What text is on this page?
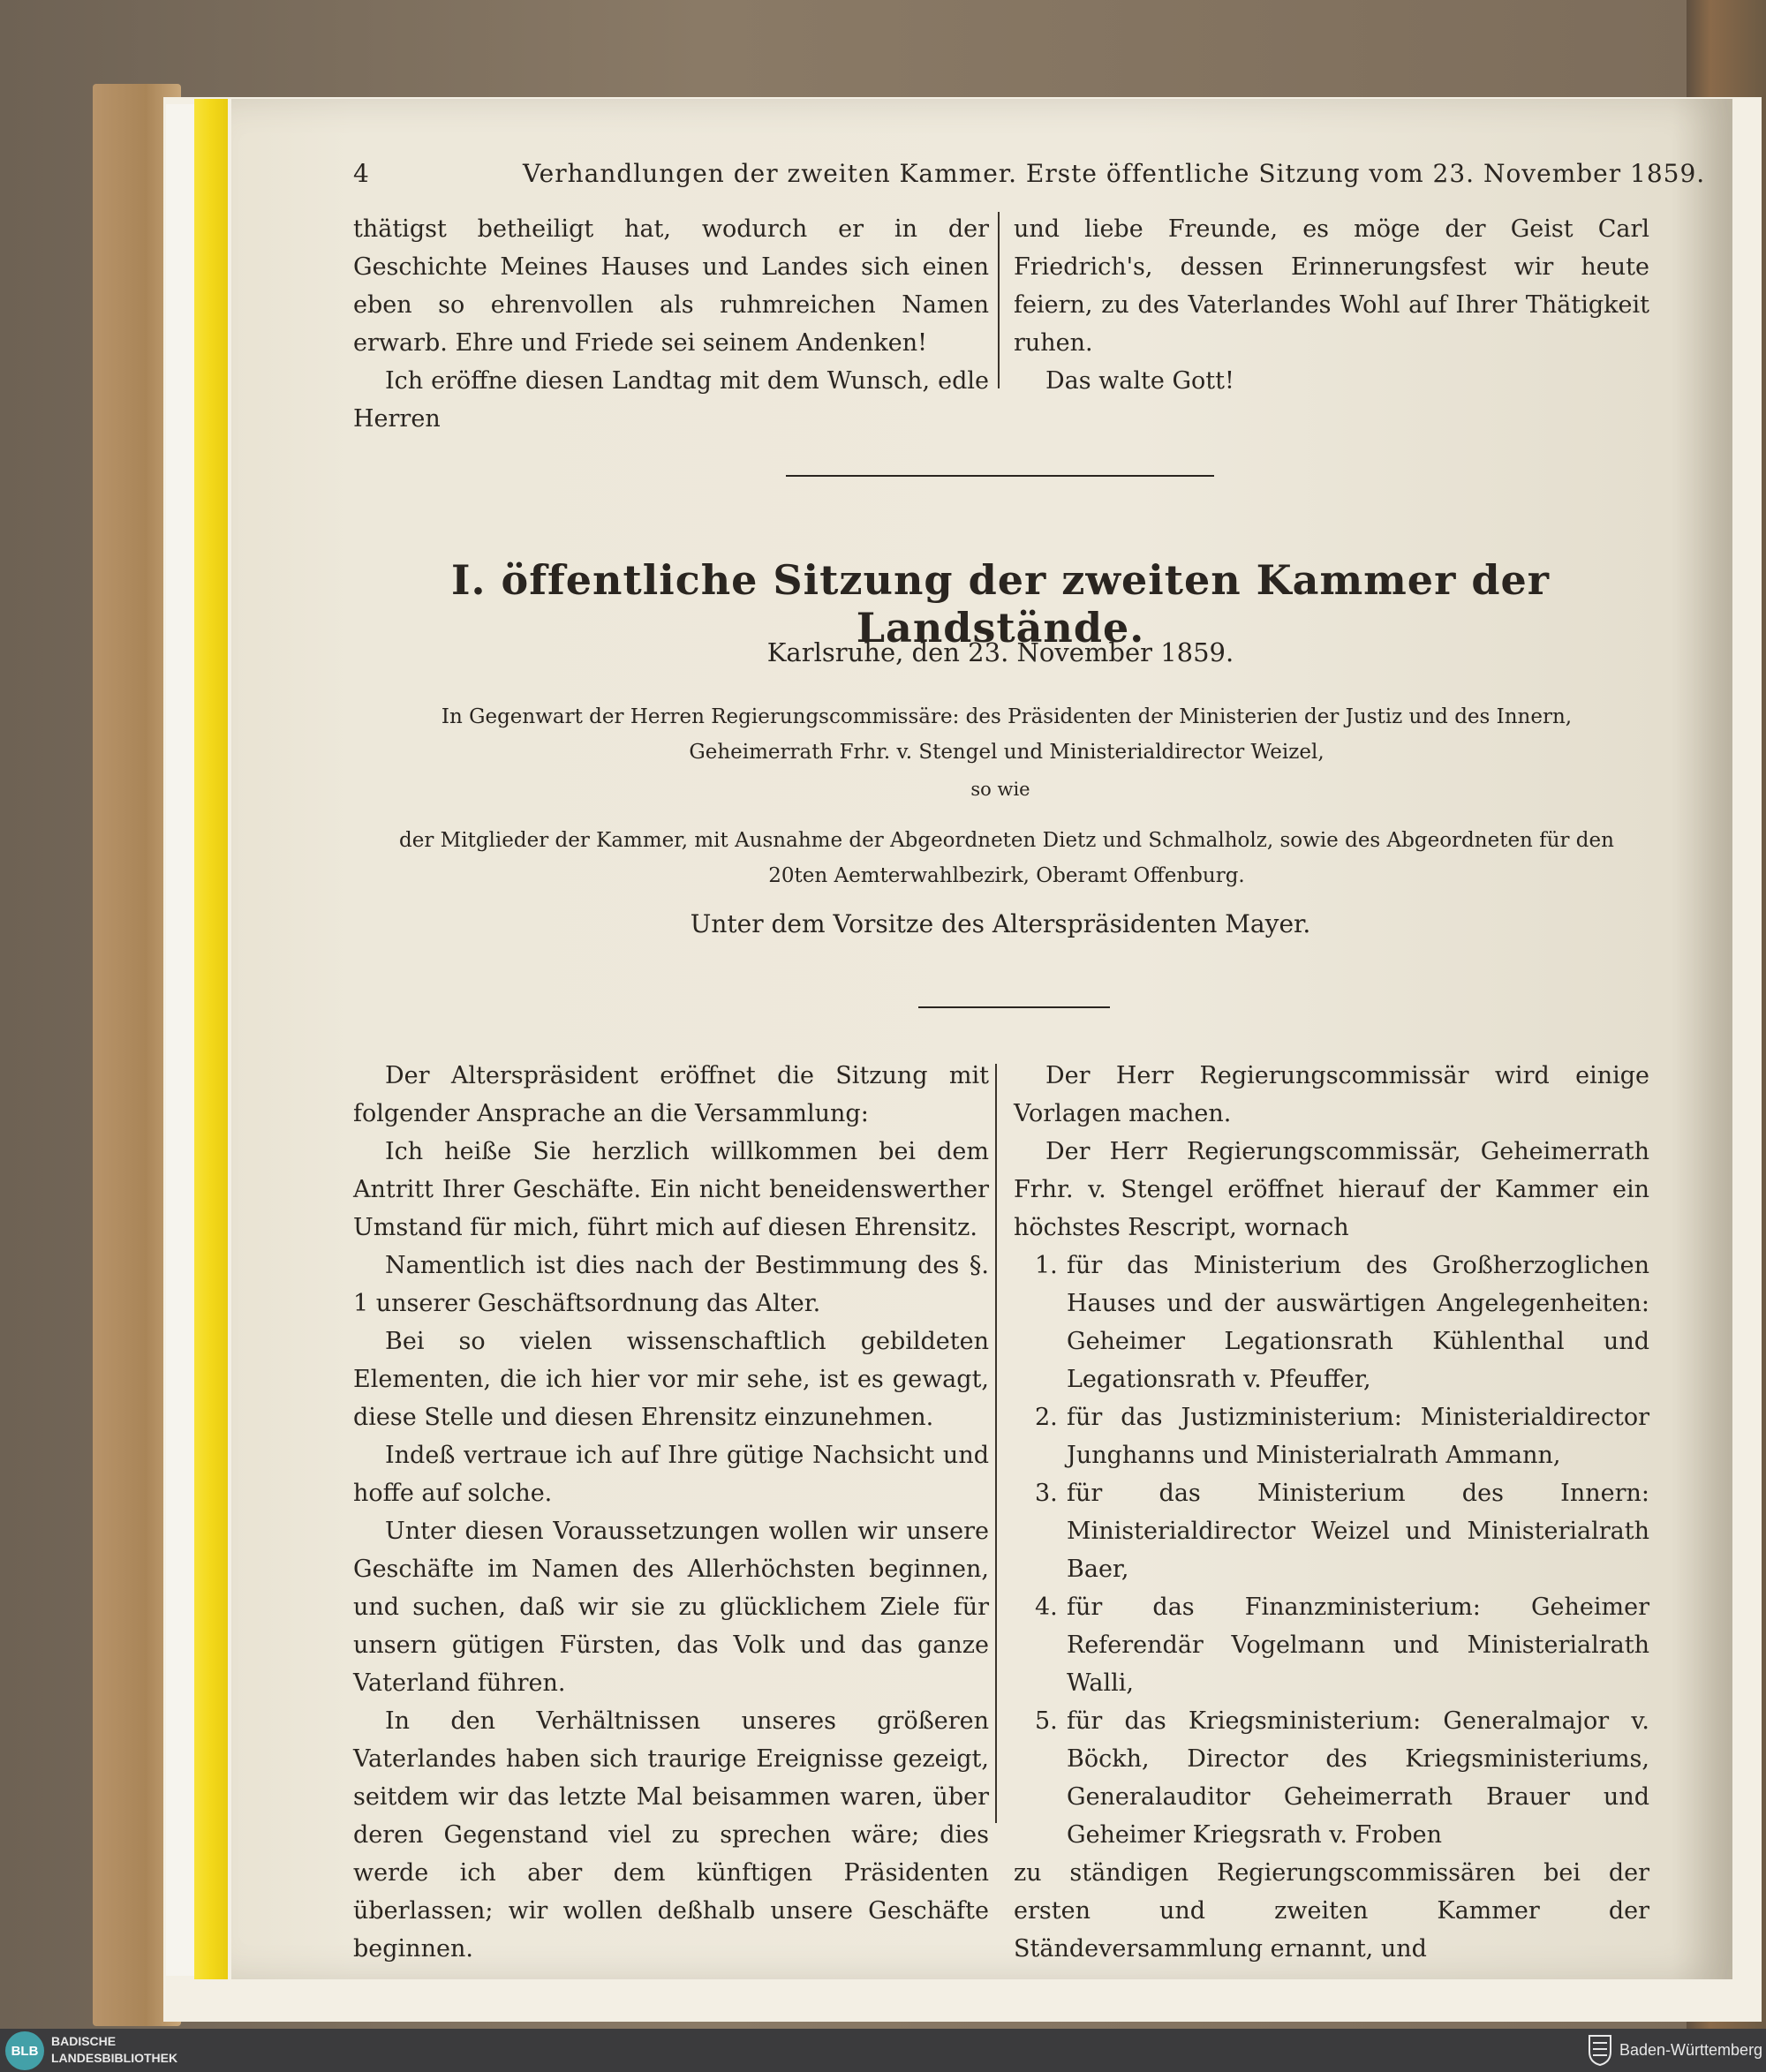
4	Verhandlungen der zweiten Kammer. Erste öffentliche Sitzung vom 23. November 1859.

thätigst betheiligt hat, wodurch er in der Geschichte Meines Hauses und Landes sich einen eben so ehrenvollen als ruhmreichen Namen erwarb. Ehre und Friede sei seinem Andenken!

Ich eröffne diesen Landtag mit dem Wunsch, edle Herren

und liebe Freunde, es möge der Geist Carl Friedrich's, dessen Erinnerungsfest wir heute feiern, zu des Vaterlandes Wohl auf Ihrer Thätigkeit ruhen.

Das walte Gott!

I. öffentliche Sitzung der zweiten Kammer der Landstände.
Karlsruhe, den 23. November 1859.
In Gegenwart der Herren Regierungscommissäre: des Präsidenten der Ministerien der Justiz und des Innern, Geheimerrath Frhr. v. Stengel und Ministerialdirector Weizel,
so wie
der Mitglieder der Kammer, mit Ausnahme der Abgeordneten Dietz und Schmalholz, sowie des Abgeordneten für den 20ten Aemterwahlbezirk, Oberamt Offenburg.
Unter dem Vorsitze des Alterspräsidenten Mayer.

Der Alterspräsident eröffnet die Sitzung mit folgender Ansprache an die Versammlung:

Ich heiße Sie herzlich willkommen bei dem Antritt Ihrer Geschäfte. Ein nicht beneidenswerther Umstand für mich, führt mich auf diesen Ehrensitz.

Namentlich ist dies nach der Bestimmung des §. 1 unserer Geschäftsordnung das Alter.

Bei so vielen wissenschaftlich gebildeten Elementen, die ich hier vor mir sehe, ist es gewagt, diese Stelle und diesen Ehrensitz einzunehmen.

Indeß vertraue ich auf Ihre gütige Nachsicht und hoffe auf solche.

Unter diesen Voraussetzungen wollen wir unsere Geschäfte im Namen des Allerhöchsten beginnen, und suchen, daß wir sie zu glücklichem Ziele für unsern gütigen Fürsten, das Volk und das ganze Vaterland führen.

In den Verhältnissen unseres größeren Vaterlandes haben sich traurige Ereignisse gezeigt, seitdem wir das letzte Mal beisammen waren, über deren Gegenstand viel zu sprechen wäre; dies werde ich aber dem künftigen Präsidenten überlassen; wir wollen deßhalb unsere Geschäfte beginnen.

Der Herr Regierungscommissär wird einige Vorlagen machen.

Der Herr Regierungscommissär, Geheimerrath Frhr. v. Stengel eröffnet hierauf der Kammer ein höchstes Rescript, wornach

1. für das Ministerium des Großherzoglichen Hauses und der auswärtigen Angelegenheiten: Geheimer Legationsrath Kühlenthal und Legationsrath v. Pfeuffer,
2. für das Justizministerium: Ministerialdirector Junghanns und Ministerialrath Ammann,
3. für das Ministerium des Innern: Ministerialdirector Weizel und Ministerialrath Baer,
4. für das Finanzministerium: Geheimer Referendär Vogelmann und Ministerialrath Walli,
5. für das Kriegsministerium: Generalmajor v. Böckh, Director des Kriegsministeriums, Generalauditor Geheimerrath Brauer und Geheimer Kriegsrath v. Froben

zu ständigen Regierungscommissären bei der ersten und zweiten Kammer der Ständeversammlung ernannt, und

BLB
BADISCHE
LANDESBIBLIOTHEK	Baden-Württemberg
